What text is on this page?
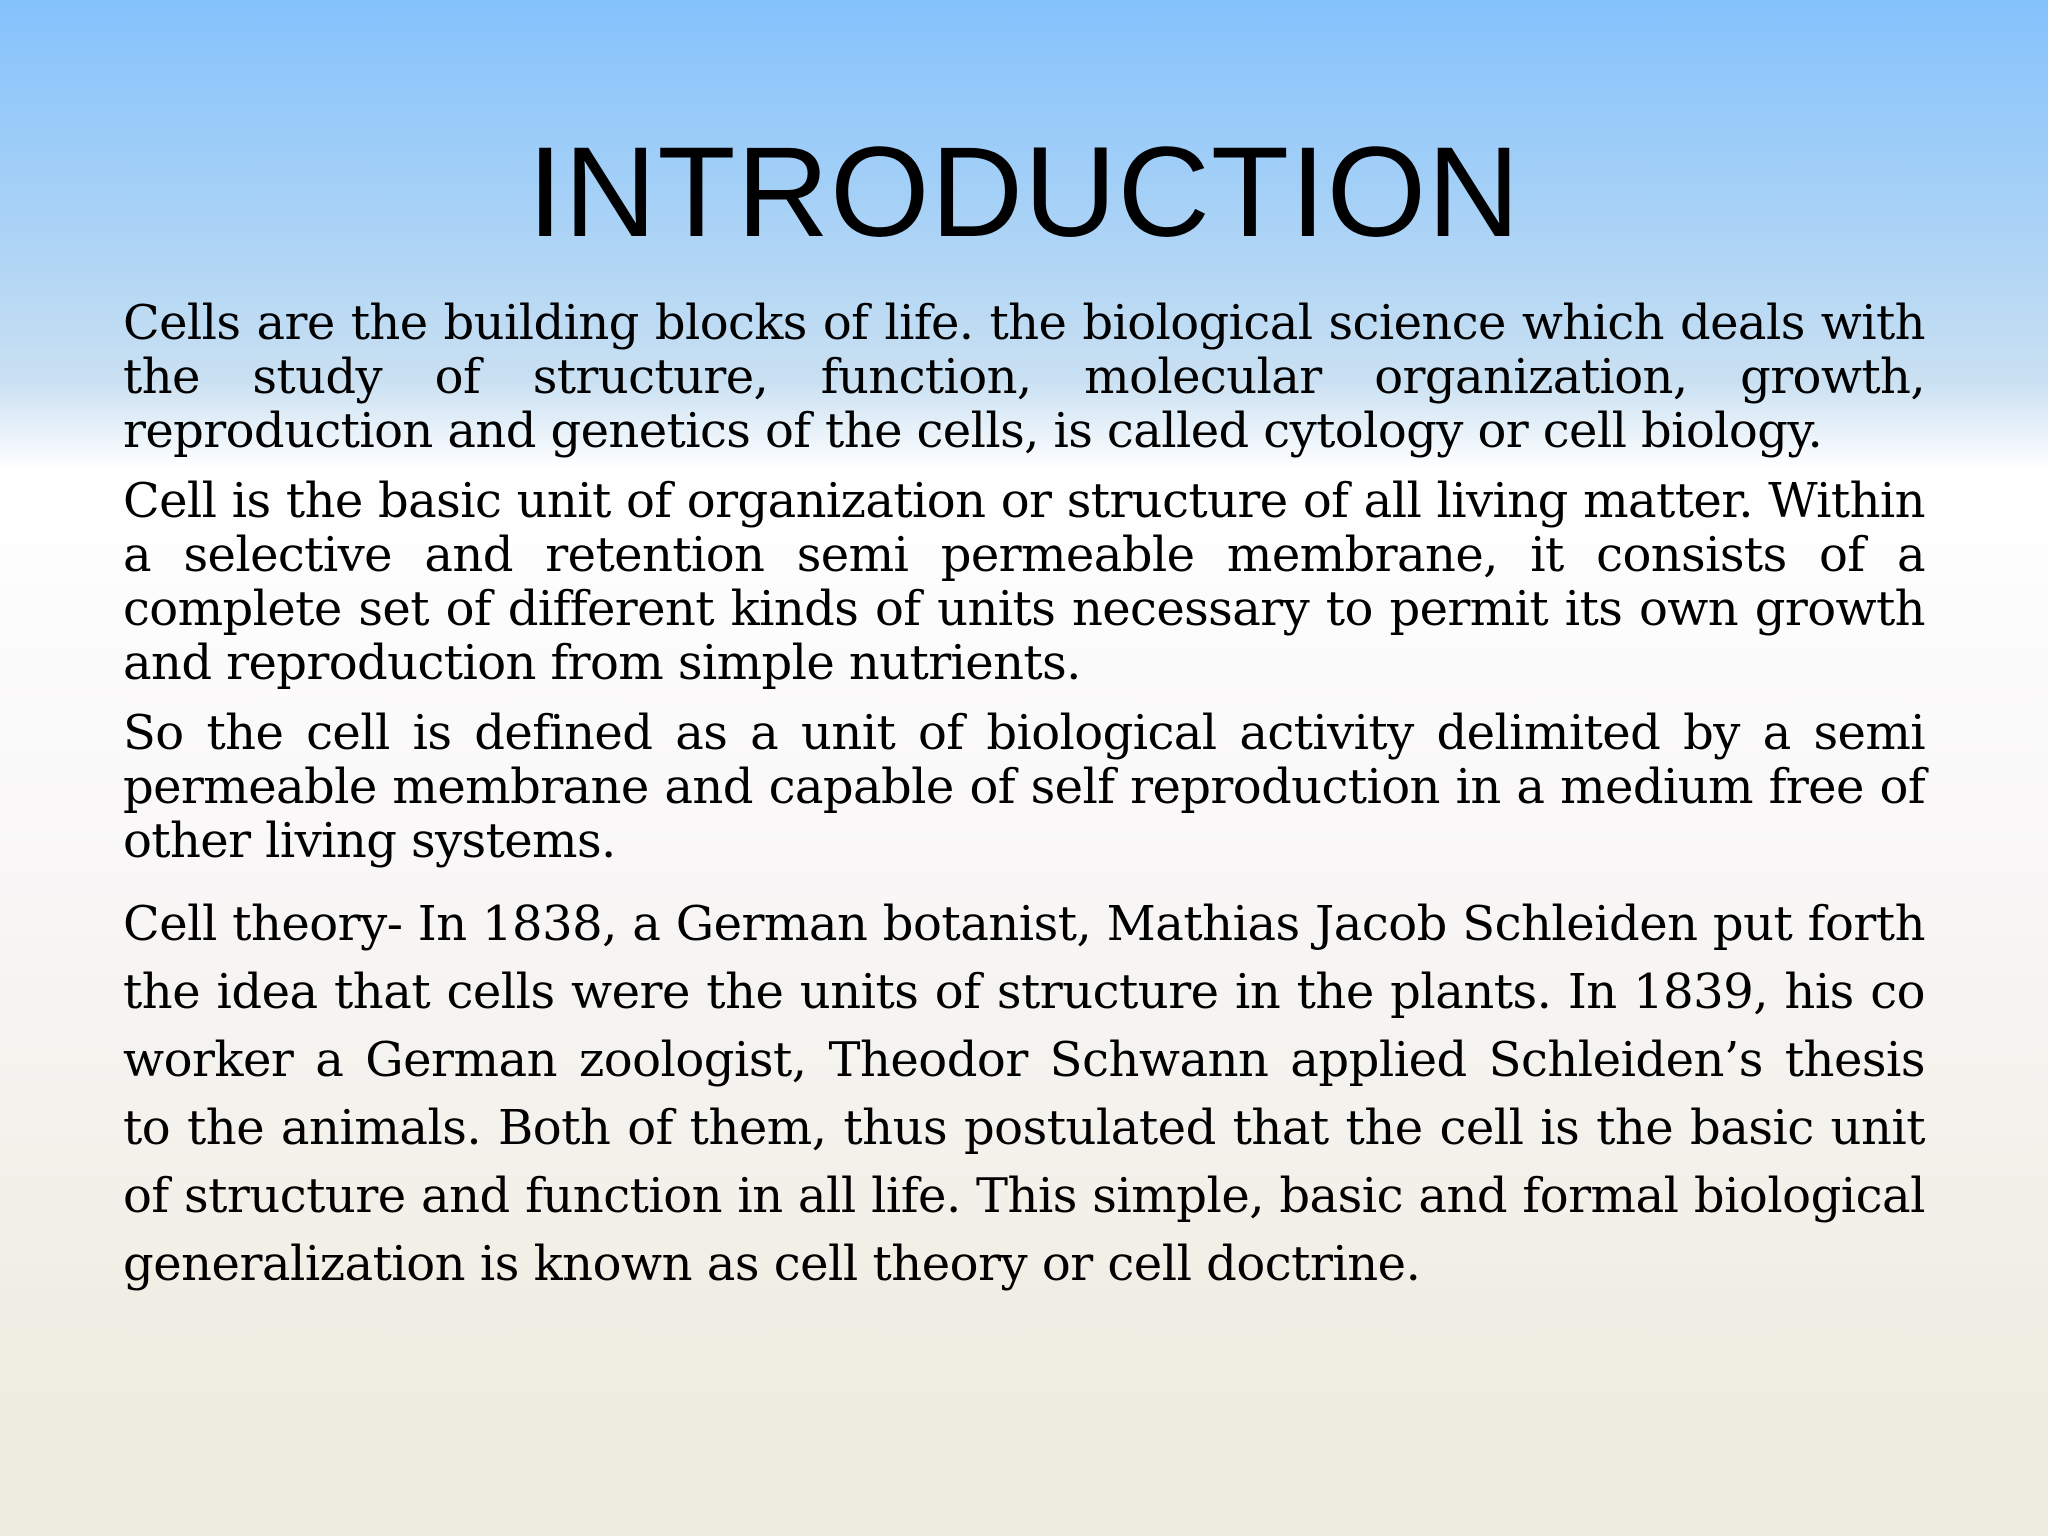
INTRODUCTION

Cells are the building blocks of life. the biological science which deals with the study of structure, function, molecular organization, growth, reproduction and genetics of the cells, is called cytology or cell biology.

Cell is the basic unit of organization or structure of all living matter. Within a selective and retention semi permeable membrane, it consists of a complete set of different kinds of units necessary to permit its own growth and reproduction from simple nutrients.

So the cell is defined as a unit of biological activity delimited by a semi permeable membrane and capable of self reproduction in a medium free of other living systems.

Cell theory- In 1838, a German botanist, Mathias Jacob Schleiden put forth the idea that cells were the units of structure in the plants. In 1839, his co worker a German zoologist, Theodor Schwann applied Schleiden’s thesis to the animals. Both of them, thus postulated that the cell is the basic unit of structure and function in all life. This simple, basic and formal biological generalization is known as cell theory or cell doctrine.
